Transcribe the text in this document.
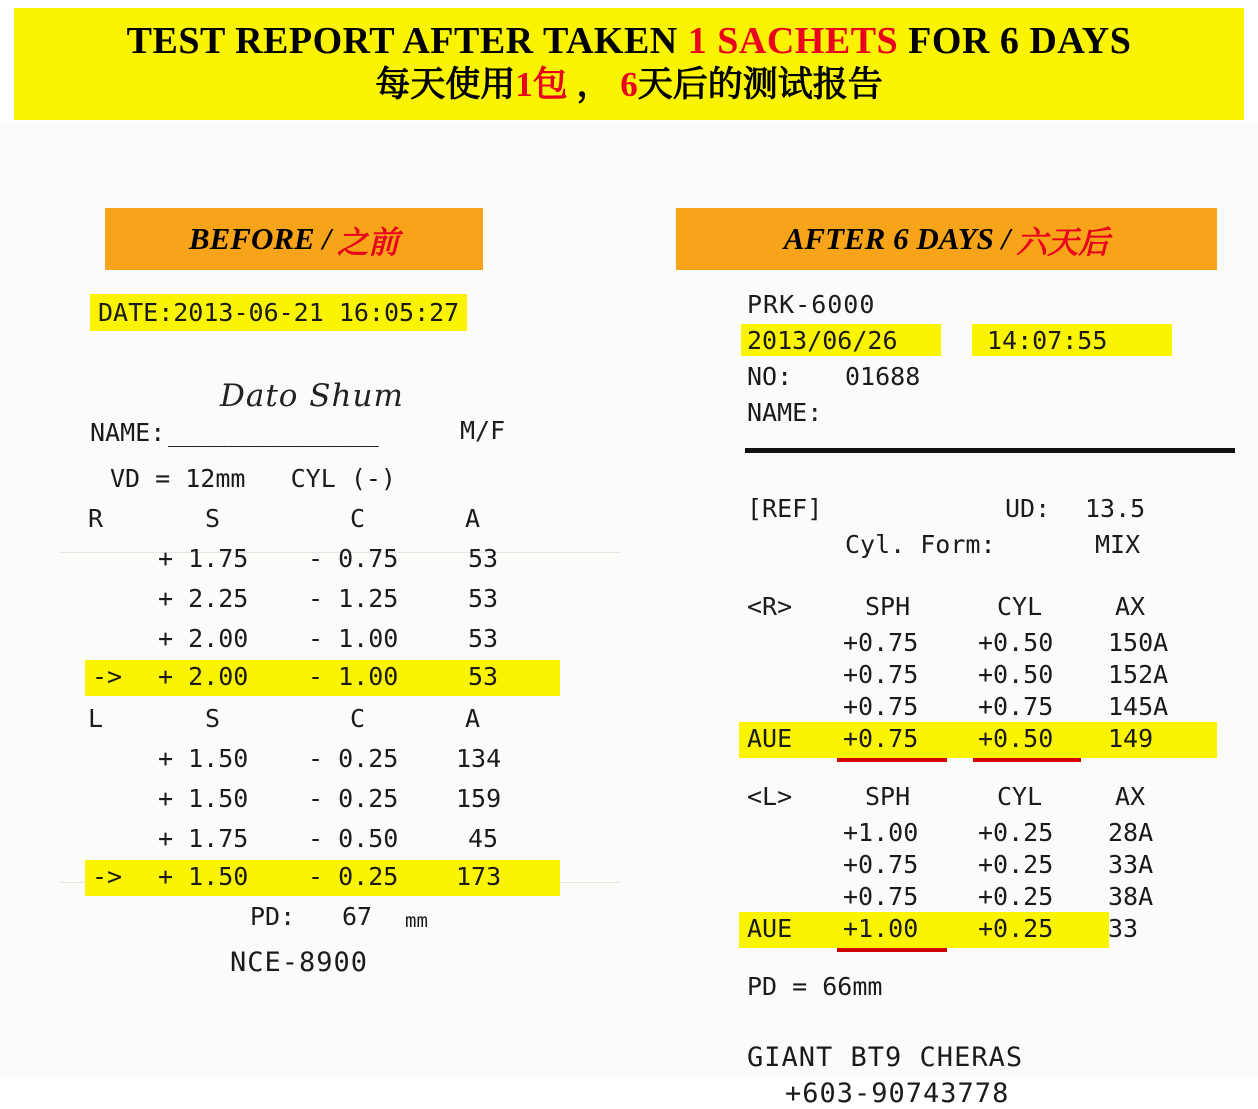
TEST REPORT AFTER TAKEN 1 SACHETS FOR 6 DAYS
每天使用1包 ， 6天后的测试报告
BEFORE / 之前	AFTER 6 DAYS / 六天后
DATE:2013-06-21 16:05:27
NAME: ______________
Dato Shum
M/F
VD = 12mm   CYL (-)
R	S	C	A
+ 1.75 - 0.75	53
+ 2.25 - 1.25	53
+ 2.00 - 1.00	53
-> + 2.00 - 1.00	53
L	S	C	A
+ 1.50 - 0.25 134
+ 1.50 - 0.25 159
+ 1.75 - 0.50	45
-> + 1.50 - 0.25 173
PD: 67 mm
NCE-8900
PRK-6000
2013/06/26	14:07:55
NO: 01688
NAME:
[REF]	UD: 13.5
Cyl. Form:	MIX
<R>	SPH	CYL	AX
+0.75 +0.50 150A
+0.75 +0.50 152A
+0.75 +0.75 145A
AUE +0.75 +0.50 149
<L>	SPH	CYL	AX
+1.00 +0.25 28A
+0.75 +0.25 33A
+0.75 +0.25 38A
AUE +1.00 +0.25 33
PD = 66mm
GIANT BT9 CHERAS
+603-90743778
